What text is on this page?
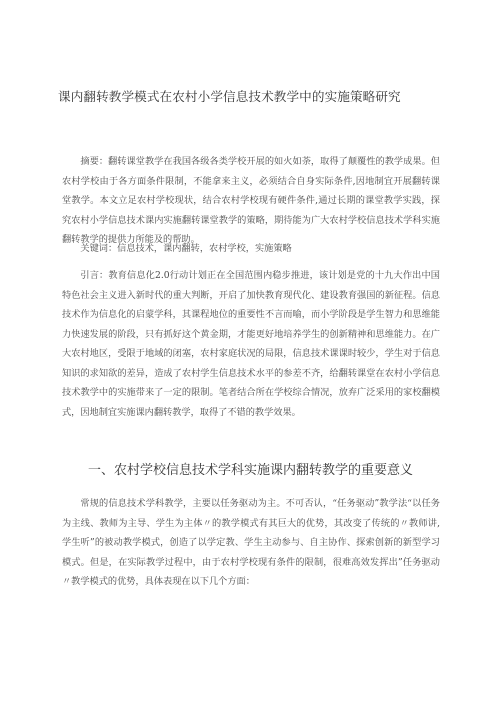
课内翻转教学模式在农村小学信息技术教学中的实施策略研究

摘要：翻转课堂教学在我国各级各类学校开展的如火如荼，取得了颠覆性的教学成果。但农村学校由于各方面条件限制，不能拿来主义，必须结合自身实际条件,因地制宜开展翻转课堂教学。本文立足农村学校现状，结合农村学校现有硬件条件,通过长期的课堂教学实践，探究农村小学信息技术课内实施翻转课堂教学的策略，期待能为广大农村学校信息技术学科实施翻转教学的提供力所能及的帮助。

关键词：信息技术，课内翻转，农村学校，实施策略

引言：教育信息化2.0行动计划正在全国范围内稳步推进，该计划是党的十九大作出中国特色社会主义进入新时代的重大判断，开启了加快教育现代化、建设教育强国的新征程。信息技术作为信息化的启蒙学科，其课程地位的重要性不言而喻，而小学阶段是学生智力和思维能力快速发展的阶段，只有抓好这个黄金期，才能更好地培养学生的创新精神和思维能力。在广大农村地区，受限于地域的闭塞，农村家庭状况的局限，信息技术课课时较少，学生对于信息知识的求知欲的差异，造成了农村学生信息技术水平的参差不齐，给翻转课堂在农村小学信息技术教学中的实施带来了一定的限制。笔者结合所在学校综合情况，放弃广泛采用的家校翻模式，因地制宜实施课内翻转教学，取得了不错的教学效果。

一、农村学校信息技术学科实施课内翻转教学的重要意义

常规的信息技术学科教学，主要以任务驱动为主。不可否认，“任务驱动”教学法“以任务为主线、教师为主导、学生为主体〃的教学模式有其巨大的优势，其改变了传统的〃教师讲,学生听”的被动教学模式，创造了以学定教、学生主动参与、自主协作、探索创新的新型学习模式。但是，在实际教学过程中，由于农村学校现有条件的限制，很难高效发挥出”任务驱动〃教学模式的优势，具体表现在以下几个方面：
